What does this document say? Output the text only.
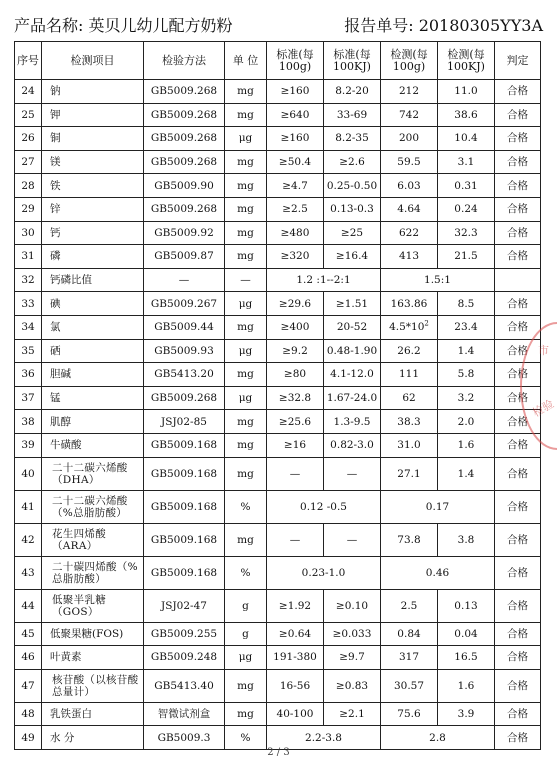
产品名称: 英贝儿幼儿配方奶粉	报告单号: 20180305YY3A
序号	检测项目	检验方法	单 位	标准(每100g)	标准(每100KJ)	检测(每100g)	检测(每100KJ)	判定
24	钠	GB5009.268	mg	≥160	8.2-20	212	11.0	合格
25	钾	GB5009.268	mg	≥640	33-69	742	38.6	合格
26	铜	GB5009.268	μg	≥160	8.2-35	200	10.4	合格
27	镁	GB5009.268	mg	≥50.4	≥2.6	59.5	3.1	合格
28	铁	GB5009.90	mg	≥4.7	0.25-0.50	6.03	0.31	合格
29	锌	GB5009.268	mg	≥2.5	0.13-0.3	4.64	0.24	合格
30	钙	GB5009.92	mg	≥480	≥25	622	32.3	合格
31	磷	GB5009.87	mg	≥320	≥16.4	413	21.5	合格
32	钙磷比值	—	—	1.2 :1--2:1		1.5:1		
33	碘	GB5009.267	μg	≥29.6	≥1.51	163.86	8.5	合格
34	氯	GB5009.44	mg	≥400	20-52	$4.5*10^2$	23.4	合格
35	硒	GB5009.93	μg	≥9.2	0.48-1.90	26.2	1.4	合格
36	胆碱	GB5413.20	mg	≥80	4.1-12.0	111	5.8	合格
37	锰	GB5009.268	μg	≥32.8	1.67-24.0	62	3.2	合格
38	肌醇	JSJ02-85	mg	≥25.6	1.3-9.5	38.3	2.0	合格
39	牛磺酸	GB5009.168	mg	≥16	0.82-3.0	31.0	1.6	合格
40	二十二碳六烯酸（DHA）	GB5009.168	mg	—	—	27.1	1.4	合格
41	二十二碳六烯酸（%总脂肪酸）	GB5009.168	%	0.12 -0.5		0.17		合格
42	花生四烯酸（ARA）	GB5009.168	mg	—	—	73.8	3.8	合格
43	二十碳四烯酸（%总脂肪酸）	GB5009.168	%	0.23-1.0		0.46		合格
44	低聚半乳糖（GOS）	JSJ02-47	g	≥1.92	≥0.10	2.5	0.13	合格
45	低聚果糖(FOS)	GB5009.255	g	≥0.64	≥0.033	0.84	0.04	合格
46	叶黄素	GB5009.248	μg	191-380	≥9.7	317	16.5	合格
47	核苷酸（以核苷酸总量计）	GB5413.40	mg	16-56	≥0.83	30.57	1.6	合格
48	乳铁蛋白	智微试剂盒	mg	40-100	≥2.1	75.6	3.9	合格
49	水 分	GB5009.3	%	2.2-3.8		2.8		合格
市
检验
2 / 3
